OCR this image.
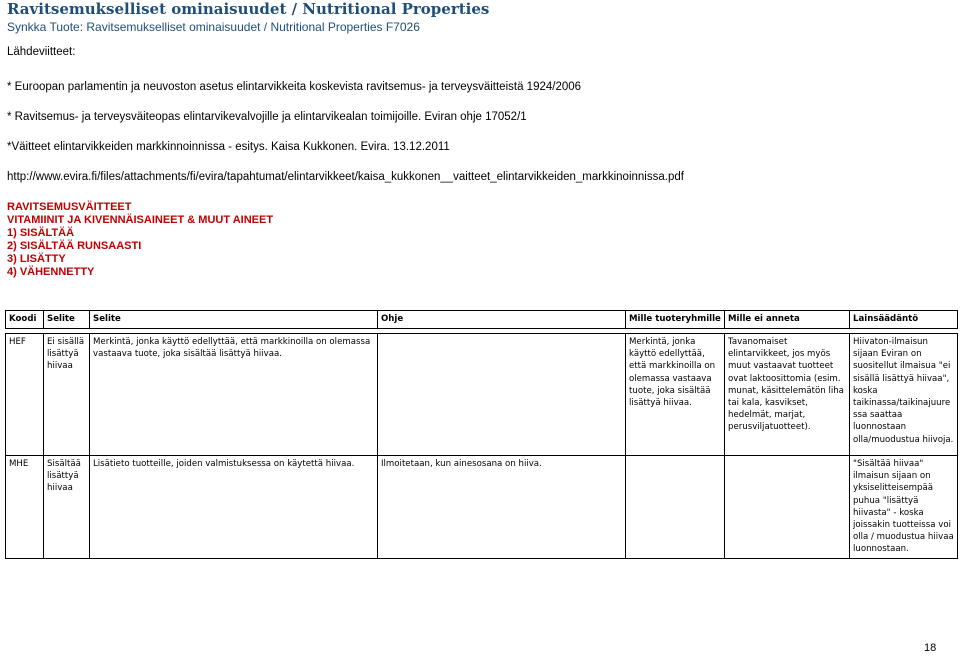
Ravitsemukselliset ominaisuudet / Nutritional Properties
Synkka Tuote: Ravitsemukselliset ominaisuudet / Nutritional Properties F7026
Lähdeviitteet:
* Euroopan parlamentin ja neuvoston asetus elintarvikkeita koskevista ravitsemus- ja terveysväitteistä 1924/2006
* Ravitsemus- ja terveysväiteopas elintarvikevalvojille ja elintarvikealan toimijoille. Eviran ohje 17052/1
*Väitteet elintarvikkeiden markkinnoinnissa - esitys. Kaisa Kukkonen. Evira. 13.12.2011
http://www.evira.fi/files/attachments/fi/evira/tapahtumat/elintarvikkeet/kaisa_kukkonen__vaitteet_elintarvikkeiden_markkinoinnissa.pdf
RAVITSEMUSVÄITTEET
VITAMIINIT JA KIVENNÄISAINEET & MUUT AINEET
1) SISÄLTÄÄ
2) SISÄLTÄÄ RUNSAASTI
3) LISÄTTY
4) VÄHENNETTY
Koodi	Selite	Selite	Ohje	Mille tuoteryhmille	Mille ei anneta	Lainsäädäntö

HEF	Ei sisällä lisättyä hiivaa	Merkintä, jonka käyttö edellyttää, että markkinoilla on olemassa vastaava tuote, joka sisältää lisättyä hiivaa.		Merkintä, jonka käyttö edellyttää, että markkinoilla on olemassa vastaava tuote, joka sisältää lisättyä hiivaa.	Tavanomaiset elintarvikkeet, jos myös muut vastaavat tuotteet ovat laktoosittomia (esim. munat, käsittelemätön liha tai kala, kasvikset, hedelmät, marjat, perusviljatuotteet).	Hiivaton-ilmaisun sijaan Eviran on suositellut ilmaisua "ei sisällä lisättyä hiivaa", koska taikinassa/taikinajuure ssa saattaa luonnostaan olla/muodustua hiivoja.
MHE	Sisältää lisättyä hiivaa	Lisätieto tuotteille, joiden valmistuksessa on käytettä hiivaa.	Ilmoitetaan, kun ainesosana on hiiva.			"Sisältää hiivaa" ilmaisun sijaan on yksiselitteisempää puhua "lisättyä hiivasta" - koska joissakin tuotteissa voi olla / muodustua hiivaa luonnostaan.
18
